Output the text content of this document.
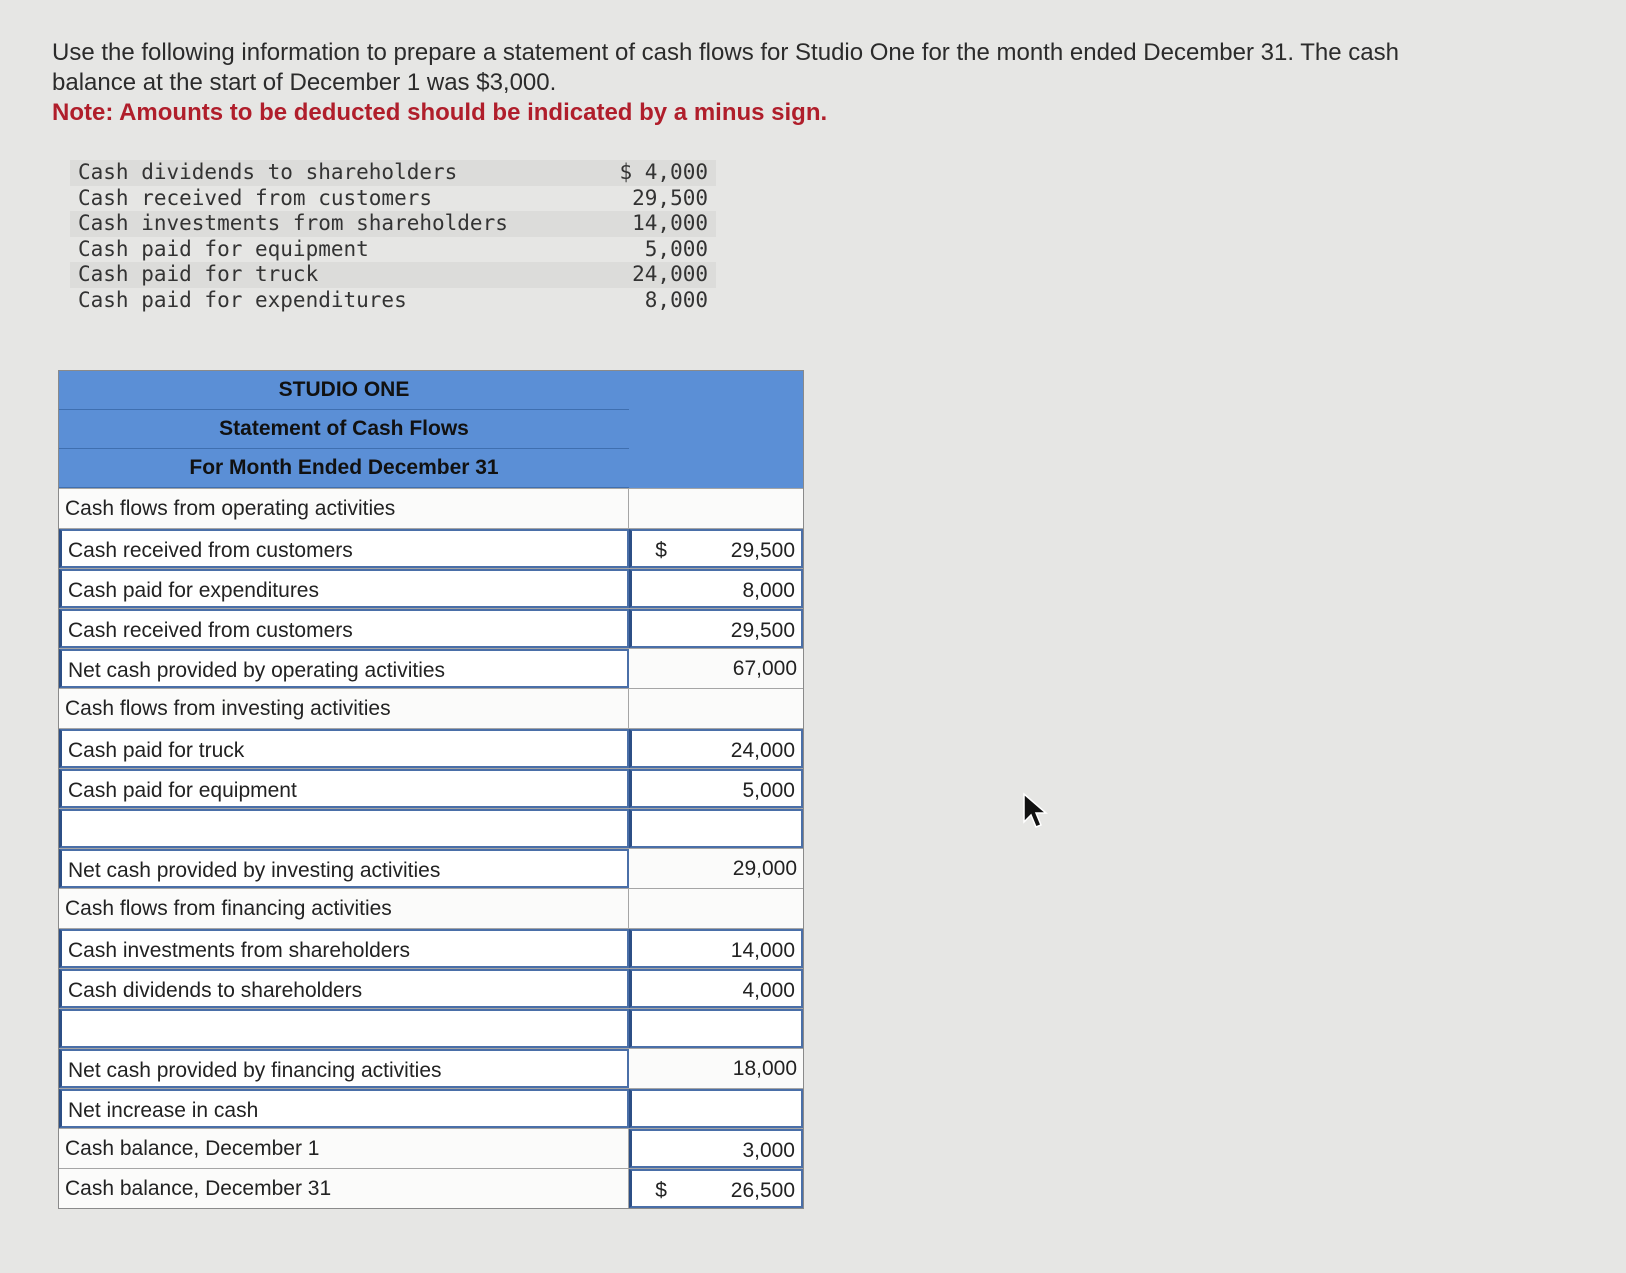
Use the following information to prepare a statement of cash flows for Studio One for the month ended December 31. The cash
balance at the start of December 1 was $3,000.
Note: Amounts to be deducted should be indicated by a minus sign.
Cash dividends to shareholders	$ 4,000
Cash received from customers	29,500
Cash investments from shareholders	14,000
Cash paid for equipment	5,000
Cash paid for truck	24,000
Cash paid for expenditures	8,000
STUDIO ONE
Statement of Cash Flows
For Month Ended December 31
Cash flows from operating activities
Cash received from customers	$	29,500
Cash paid for expenditures	8,000
Cash received from customers	29,500
Net cash provided by operating activities	67,000
Cash flows from investing activities
Cash paid for truck	24,000
Cash paid for equipment	5,000
Net cash provided by investing activities	29,000
Cash flows from financing activities
Cash investments from shareholders	14,000
Cash dividends to shareholders	4,000
Net cash provided by financing activities	18,000
Net increase in cash
Cash balance, December 1	3,000
Cash balance, December 31	$	26,500
